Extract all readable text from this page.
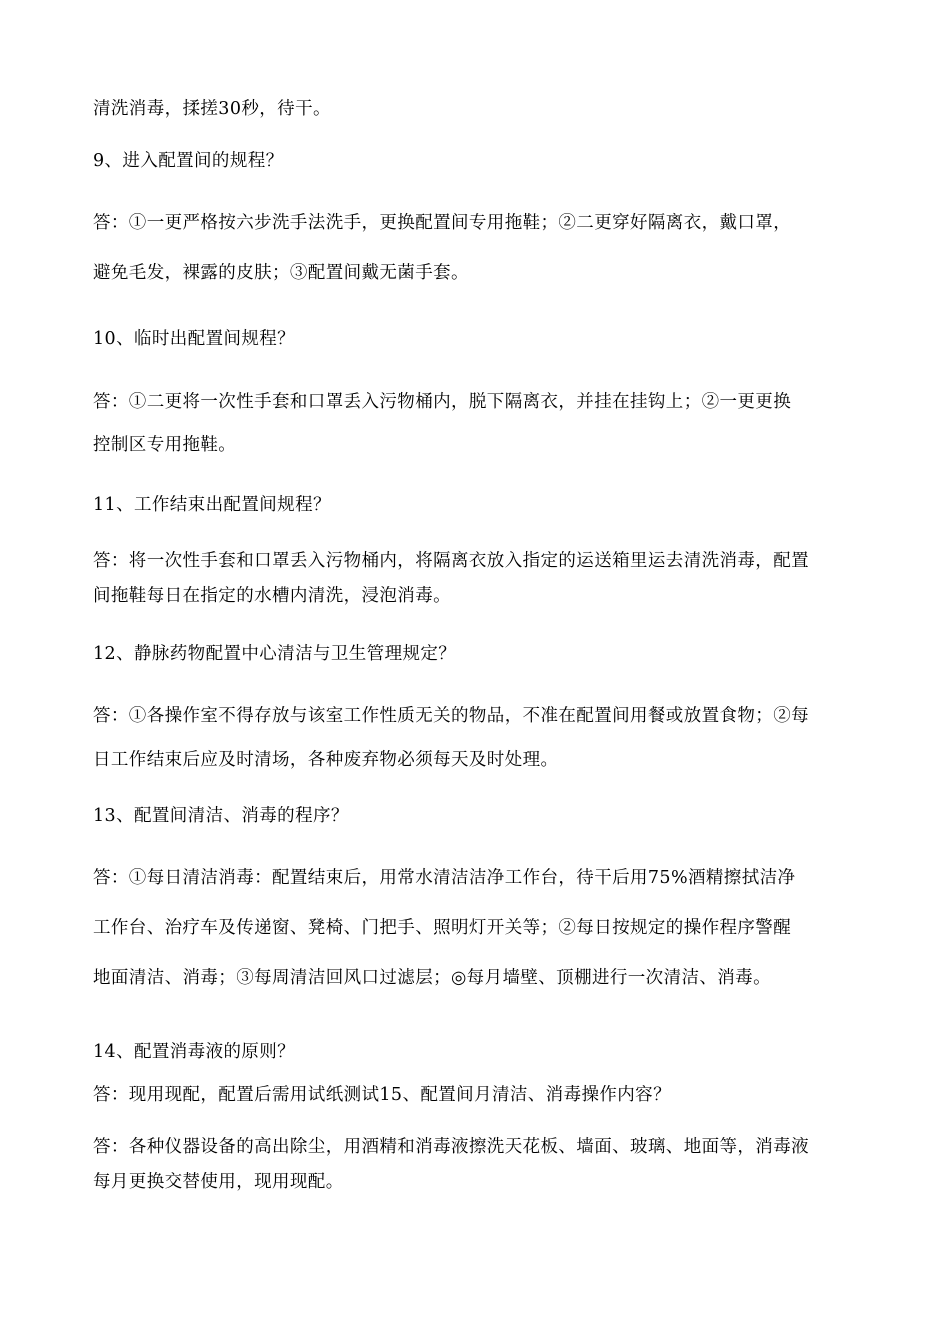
清洗消毒，揉搓30秒，待干。
9、进入配置间的规程？
答：①一更严格按六步洗手法洗手，更换配置间专用拖鞋；②二更穿好隔离衣，戴口罩，
避免毛发，裸露的皮肤；③配置间戴无菌手套。
10、临时出配置间规程？
答：①二更将一次性手套和口罩丢入污物桶内，脱下隔离衣，并挂在挂钩上；②一更更换
控制区专用拖鞋。
11、工作结束出配置间规程？
答：将一次性手套和口罩丢入污物桶内，将隔离衣放入指定的运送箱里运去清洗消毒，配置
间拖鞋每日在指定的水槽内清洗，浸泡消毒。
12、静脉药物配置中心清洁与卫生管理规定？
答：①各操作室不得存放与该室工作性质无关的物品，不准在配置间用餐或放置食物；②每
日工作结束后应及时清场，各种废弃物必须每天及时处理。
13、配置间清洁、消毒的程序？
答：①每日清洁消毒：配置结束后，用常水清洁洁净工作台，待干后用75%酒精擦拭洁净
工作台、治疗车及传递窗、凳椅、门把手、照明灯开关等；②每日按规定的操作程序警醒
地面清洁、消毒；③每周清洁回风口过滤层；◎每月墙壁、顶棚进行一次清洁、消毒。
14、配置消毒液的原则？
答：现用现配，配置后需用试纸测试15、配置间月清洁、消毒操作内容？
答：各种仪器设备的高出除尘，用酒精和消毒液擦洗天花板、墙面、玻璃、地面等，消毒液
每月更换交替使用，现用现配。
